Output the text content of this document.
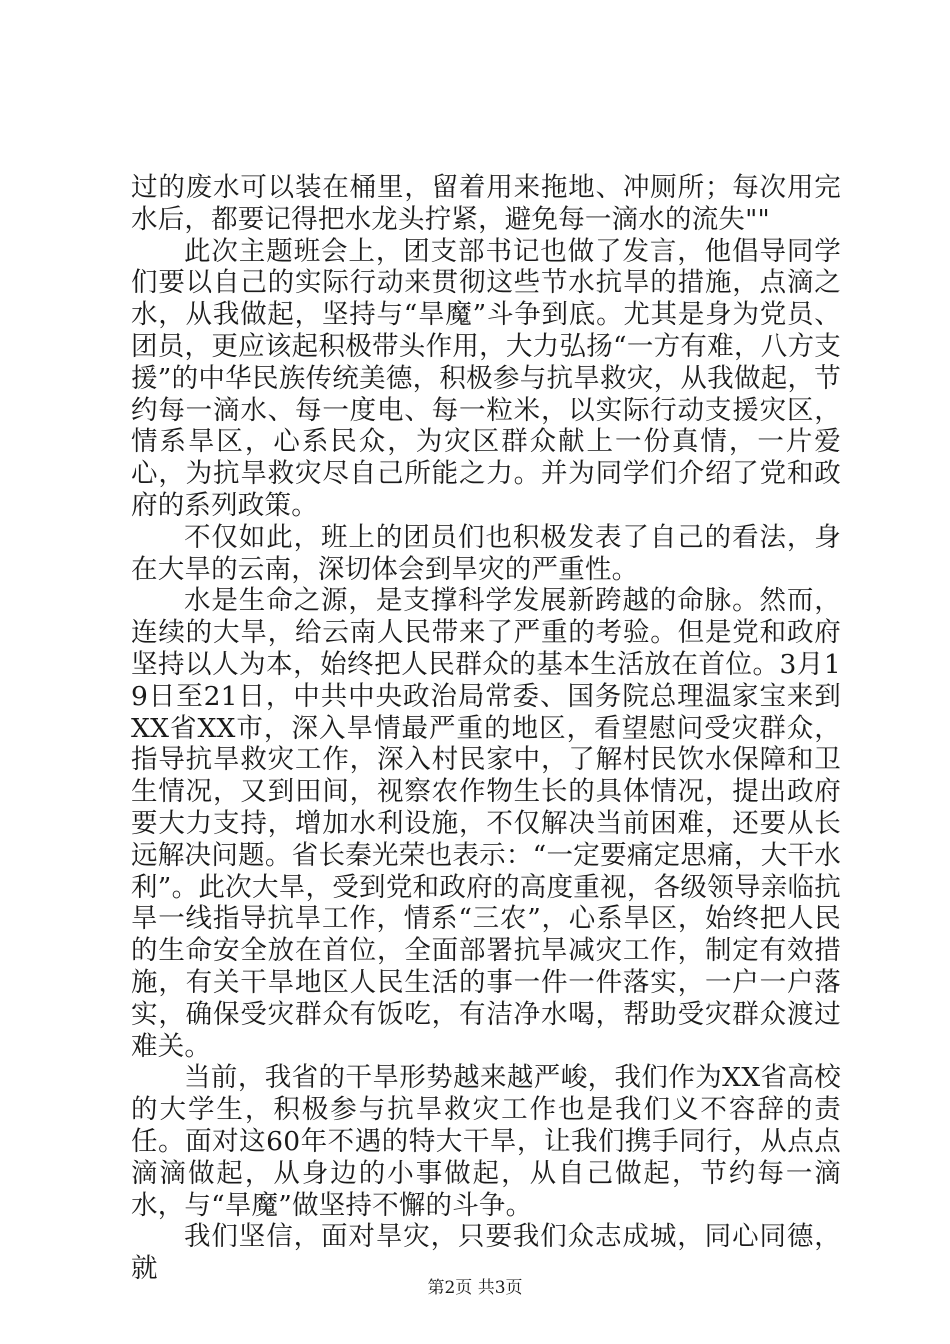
过的废水可以装在桶里，留着用来拖地、冲厕所；每次用完水后，都要记得把水龙头拧紧，避免每一滴水的流失""

此次主题班会上，团支部书记也做了发言，他倡导同学们要以自己的实际行动来贯彻这些节水抗旱的措施，点滴之水，从我做起，坚持与“旱魔”斗争到底。尤其是身为党员、团员，更应该起积极带头作用，大力弘扬“一方有难，八方支援”的中华民族传统美德，积极参与抗旱救灾，从我做起，节约每一滴水、每一度电、每一粒米，以实际行动支援灾区，情系旱区，心系民众，为灾区群众献上一份真情，一片爱心，为抗旱救灾尽自己所能之力。并为同学们介绍了党和政府的系列政策。

不仅如此，班上的团员们也积极发表了自己的看法，身在大旱的云南，深切体会到旱灾的严重性。

水是生命之源，是支撑科学发展新跨越的命脉。然而，连续的大旱，给云南人民带来了严重的考验。但是党和政府坚持以人为本，始终把人民群众的基本生活放在首位。3月19日至21日，中共中央政治局常委、国务院总理温家宝来到XX省XX市，深入旱情最严重的地区，看望慰问受灾群众，指导抗旱救灾工作，深入村民家中，了解村民饮水保障和卫生情况，又到田间，视察农作物生长的具体情况，提出政府要大力支持，增加水利设施，不仅解决当前困难，还要从长远解决问题。省长秦光荣也表示：“一定要痛定思痛，大干水利”。此次大旱，受到党和政府的高度重视，各级领导亲临抗旱一线指导抗旱工作，情系“三农”，心系旱区，始终把人民的生命安全放在首位，全面部署抗旱减灾工作，制定有效措施，有关干旱地区人民生活的事一件一件落实，一户一户落实，确保受灾群众有饭吃，有洁净水喝，帮助受灾群众渡过难关。

当前，我省的干旱形势越来越严峻，我们作为XX省高校的大学生，积极参与抗旱救灾工作也是我们义不容辞的责任。面对这60年不遇的特大干旱，让我们携手同行，从点点滴滴做起，从身边的小事做起，从自己做起，节约每一滴水，与“旱魔”做坚持不懈的斗争。

我们坚信，面对旱灾，只要我们众志成城，同心同德，就

第2页 共3页
